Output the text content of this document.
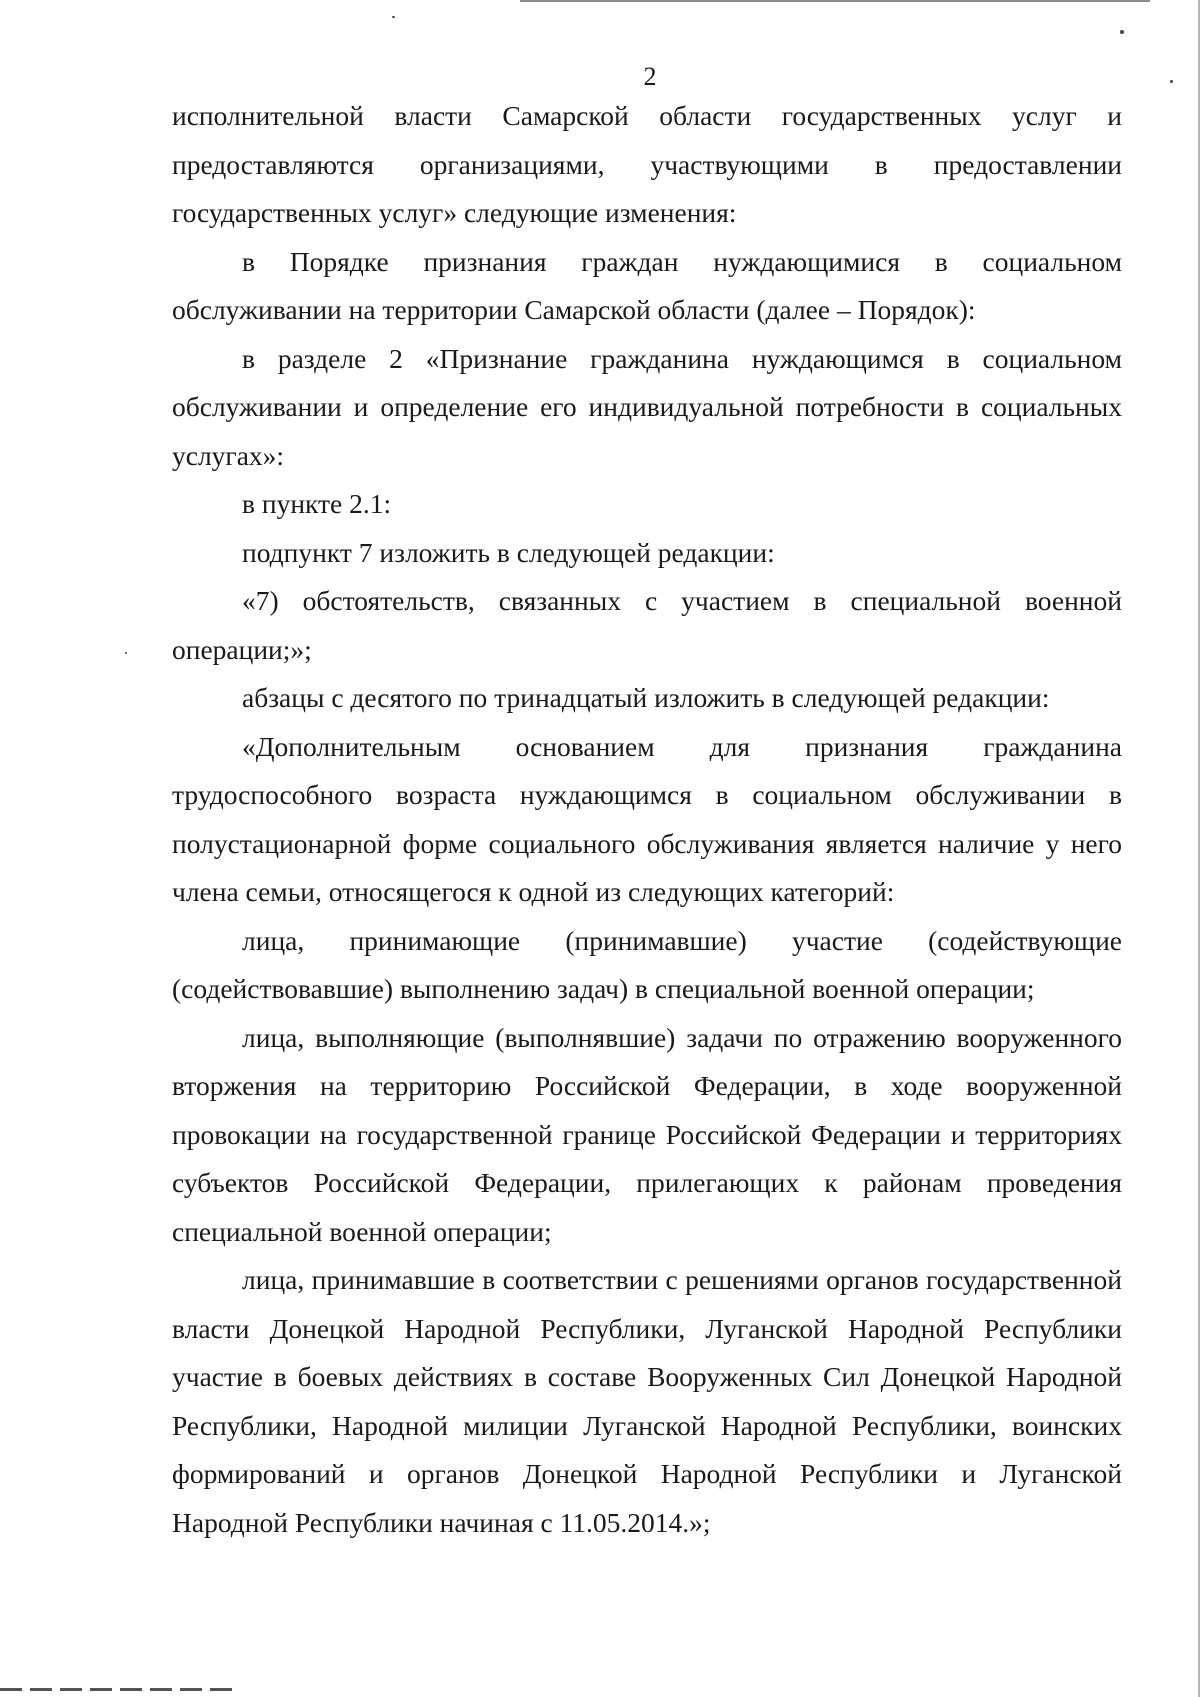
2

исполнительной власти Самарской области государственных услуг и предоставляются организациями, участвующими в предоставлении государственных услуг» следующие изменения:

в Порядке признания граждан нуждающимися в социальном обслуживании на территории Самарской области (далее – Порядок):

в разделе 2 «Признание гражданина нуждающимся в социальном обслуживании и определение его индивидуальной потребности в социальных услугах»:

в пункте 2.1:

подпункт 7 изложить в следующей редакции:

«7) обстоятельств, связанных с участием в специальной военной операции;»;

абзацы с десятого по тринадцатый изложить в следующей редакции:

«Дополнительным основанием для признания гражданина трудоспособного возраста нуждающимся в социальном обслуживании в полустационарной форме социального обслуживания является наличие у него члена семьи, относящегося к одной из следующих категорий:

лица, принимающие (принимавшие) участие (содействующие (содействовавшие) выполнению задач) в специальной военной операции;

лица, выполняющие (выполнявшие) задачи по отражению вооруженного вторжения на территорию Российской Федерации, в ходе вооруженной провокации на государственной границе Российской Федерации и территориях субъектов Российской Федерации, прилегающих к районам проведения специальной военной операции;

лица, принимавшие в соответствии с решениями органов государственной власти Донецкой Народной Республики, Луганской Народной Республики участие в боевых действиях в составе Вооруженных Сил Донецкой Народной Республики, Народной милиции Луганской Народной Республики, воинских формирований и органов Донецкой Народной Республики и Луганской Народной Республики начиная с 11.05.2014.»;
